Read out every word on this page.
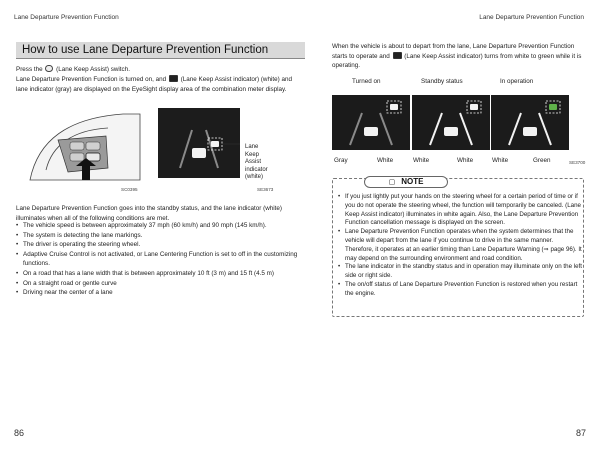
Lane Departure Prevention Function	Lane Departure Prevention Function
How to use Lane Departure Prevention Function
Press the (Lane Keep Assist) switch.
Lane Departure Prevention Function is turned on, and (Lane Keep Assist indicator) (white) and lane indicator (gray) are displayed on the EyeSight display area of the combination meter display.
Lane
Keep
Assist
indicator
(white)
SC0395	SE3673
Lane Departure Prevention Function goes into the standby status, and the lane indicator (white) illuminates when all of the following conditions are met.
• The vehicle speed is between approximately 37 mph (60 km/h) and 90 mph (145 km/h).
• The system is detecting the lane markings.
• The driver is operating the steering wheel.
• Adaptive Cruise Control is not activated, or Lane Centering Function is set to off in the customizing functions.
• On a road that has a lane width that is between approximately 10 ft (3 m) and 15 ft (4.5 m)
• On a straight road or gentle curve
• Driving near the center of a lane
86
When the vehicle is about to depart from the lane, Lane Departure Prevention Function starts to operate and (Lane Keep Assist indicator) turns from white to green while it is operating.
Turned on	Standby status	In operation
Gray	White	White	White	White	Green	SE3700
▢ NOTE
• If you just lightly put your hands on the steering wheel for a certain period of time or if you do not operate the steering wheel, the function will temporarily be canceled. (Lane Keep Assist indicator) illuminates in white again. Also, the Lane Departure Prevention Function cancellation message is displayed on the screen.
• Lane Departure Prevention Function operates when the system determines that the vehicle will depart from the lane if you continue to drive in the same manner. Therefore, it operates at an earlier timing than Lane Departure Warning (⇒ page 96). It may depend on the surrounding environment and road condition.
• The lane indicator in the standby status and in operation may illuminate only on the left side or right side.
• The on/off status of Lane Departure Prevention Function is restored when you restart the engine.
87
